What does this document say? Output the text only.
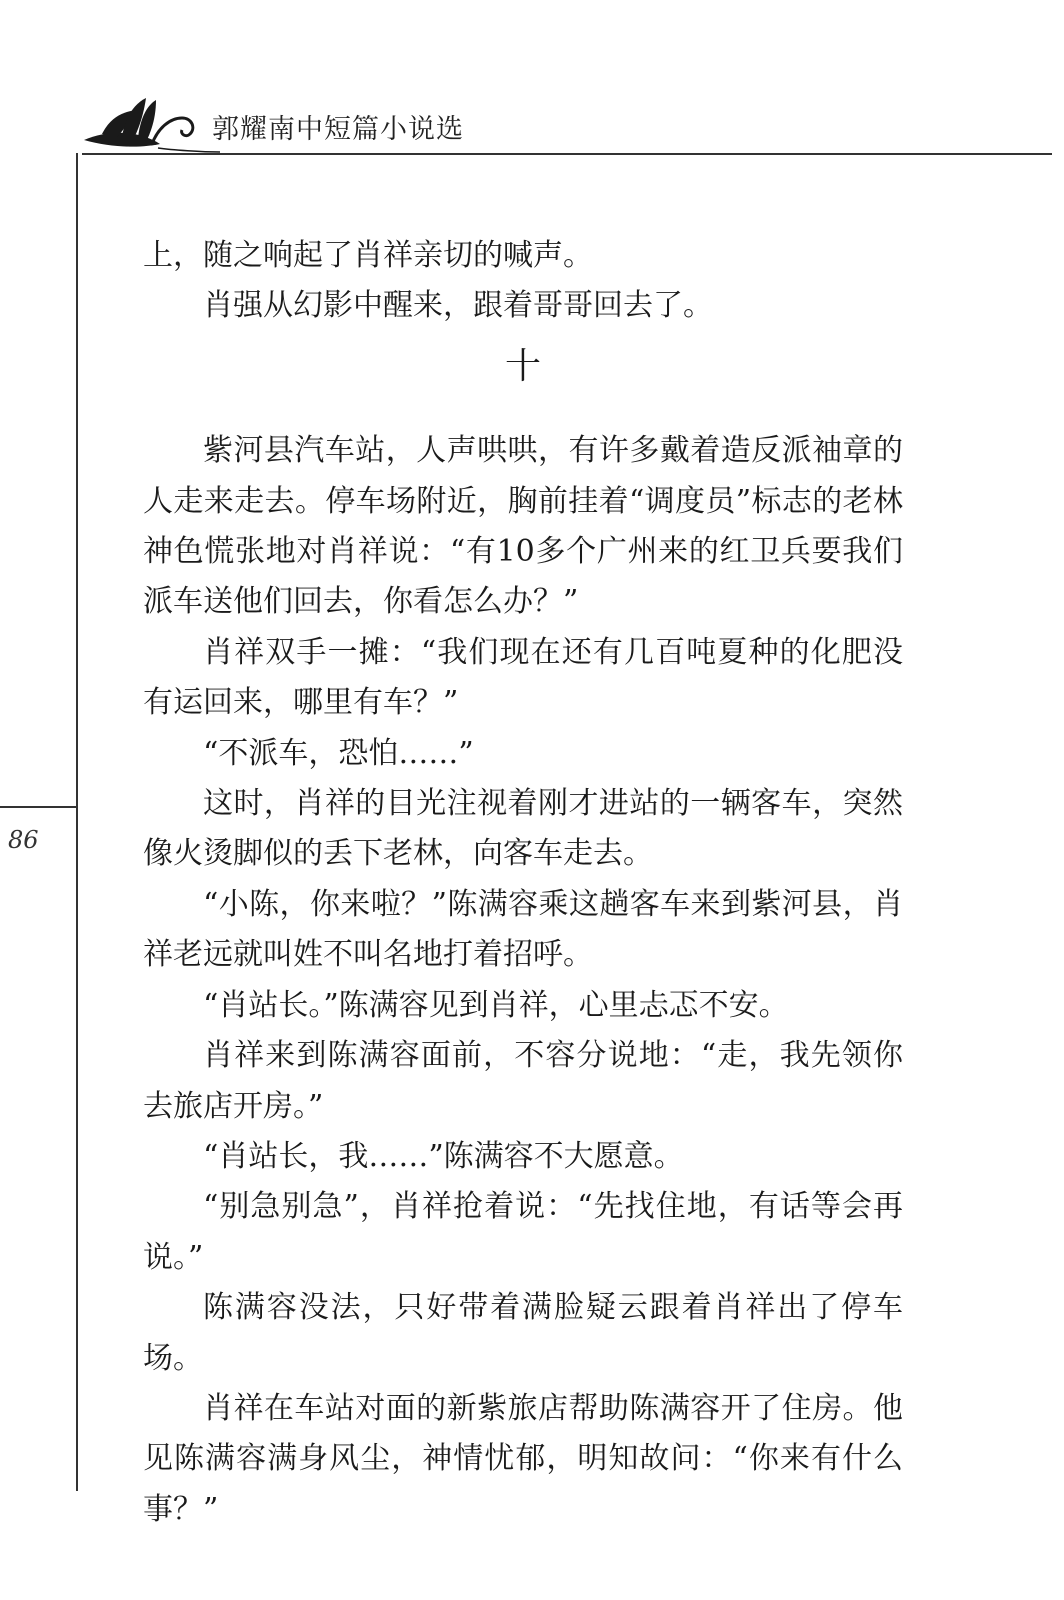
郭耀南中短篇小说选
86

上，随之响起了肖祥亲切的喊声。

肖强从幻影中醒来，跟着哥哥回去了。

十

紫河县汽车站，人声哄哄，有许多戴着造反派袖章的人走来走去。停车场附近，胸前挂着“调度员”标志的老林神色慌张地对肖祥说：“有10多个广州来的红卫兵要我们派车送他们回去，你看怎么办？”

肖祥双手一摊：“我们现在还有几百吨夏种的化肥没有运回来，哪里有车？”

“不派车，恐怕……”

这时，肖祥的目光注视着刚才进站的一辆客车，突然像火烫脚似的丢下老林，向客车走去。

“小陈，你来啦？”陈满容乘这趟客车来到紫河县，肖祥老远就叫姓不叫名地打着招呼。

“肖站长。”陈满容见到肖祥，心里忐忑不安。

肖祥来到陈满容面前，不容分说地：“走，我先领你去旅店开房。”

“肖站长，我……”陈满容不大愿意。

“别急别急”，肖祥抢着说：“先找住地，有话等会再说。”

陈满容没法，只好带着满脸疑云跟着肖祥出了停车场。

肖祥在车站对面的新紫旅店帮助陈满容开了住房。他见陈满容满身风尘，神情忧郁，明知故问：“你来有什么事？”
